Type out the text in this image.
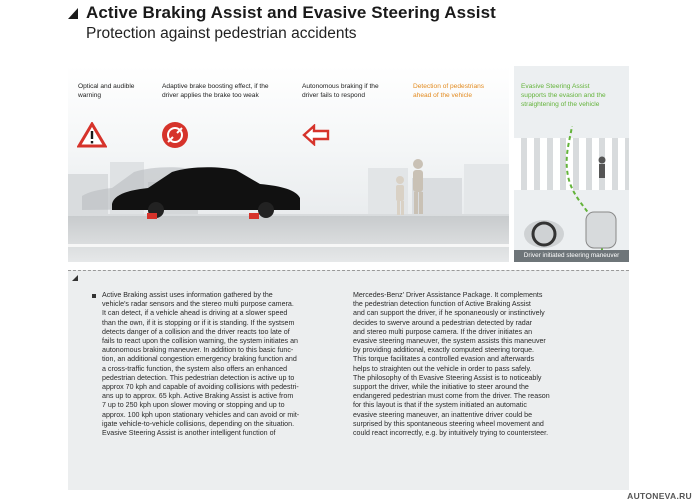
Active Braking Assist and Evasive Steering Assist
Protection against pedestrian accidents
Optical and audible
warning
Adaptive brake boosting effect, if the
driver applies the brake too weak
Autonomous braking if the
driver fails to respond
Detection of pedestrians
ahead of the vehicle
Evasive Steering Assist
supports the evasion and the
straightening of the vehicle
Driver initiated steering maneuver
Active Braking assist uses information gathered by the
vehicle's radar sensors and the stereo multi purpose camera.
It can detect, if a vehicle ahead is driving at a slower speed
than the own, if it is stopping or if it is standing. If the systsem
detects danger of a collision and the driver reacts too late of
fails to react upon the collision warning, the system initiates an
autonomous braking maneuver. In addition to this basic func-
tion, an additional congestion emergency braking function and
a cross-traffic function, the system also offers an enhanced
pedestrian detection. This pedestrian detection is active up to
approx 70 kph and capable of avoiding collisions with pedestri-
ans up to approx. 65 kph. Active Braking Assist is active from
7 up to 250 kph upon slower moving or stopping and up to
approx. 100 kph upon stationary vehicles and can avoid or mit-
igate vehicle-to-vehicle collisions, depending on the situation.
Evasive Steering Assist is another intelligent function of
Mercedes-Benz' Driver Assistance Package. It complements
the pedestrian detection function of Active Braking Assist
and can support the driver, if he sponaneously or instinctively
decides to swerve around a pedestrian detected by radar
and stereo multi purpose camera. If the driver initiates an
evasive steering maneuver, the system assists this maneuver
by providing additional, exactly computed steering torque.
This torque facilitates a controlled evasion and afterwards
helps to straighten out the vehicle in order to pass safely.
The philosophy of th Evasive Steering Assist is to noticeably
support the driver, while the initiative to steer around the
endangered pedestrian must come from the driver. The reason
for this layout is that if the system initiated an automatic
evasive steering maneuver, an inattentive driver could be
surprised by this spontaneous steering wheel movement and
could react incorrectly, e.g. by intuitively trying to countersteer.
AUTONEVA.RU
